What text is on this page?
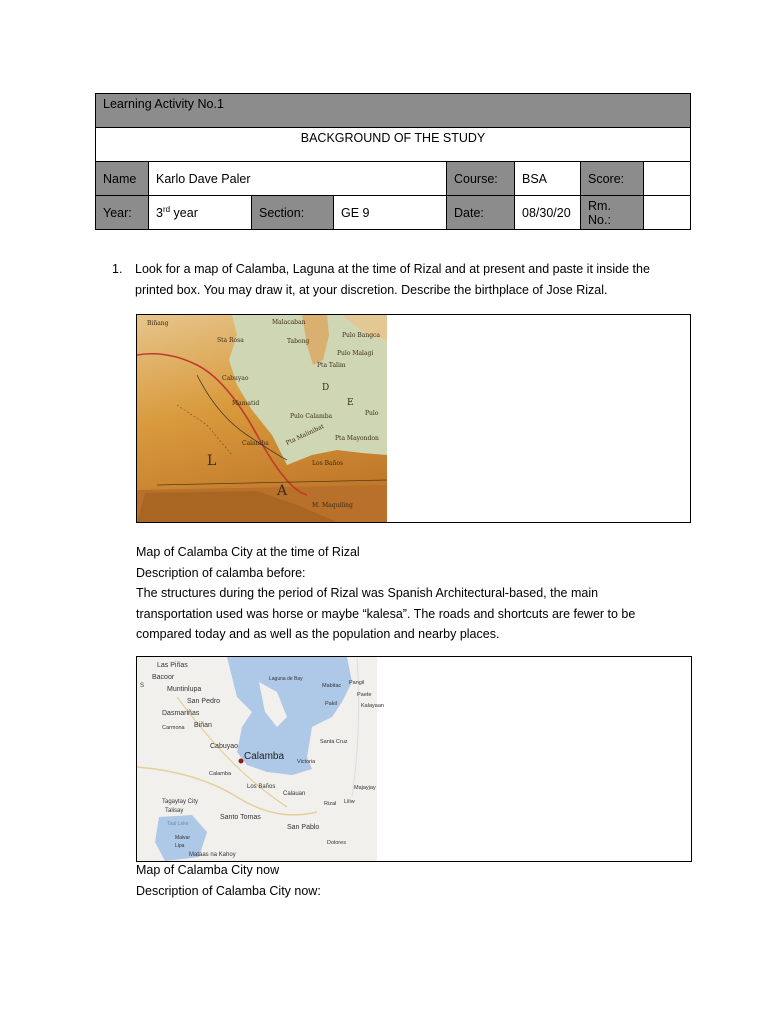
Learning Activity No.1							
BACKGROUND OF THE STUDY							
Name	Karlo Dave Paler			Course:	BSA	Score:	
Year:	3rd year	Section:	GE 9	Date:	08/30/20	Rm. No.:	
1. Look for a map of Calamba, Laguna at the time of Rizal and at present and paste it inside the printed box. You may draw it, at your discretion. Describe the birthplace of Jose Rizal.
Biñang	Malacaban
Sta Rosa	Tabong
Pulo Bangca
Pulo Malagi
Pta Talim
Cabuyao
Mamatid
D
E
Pulo Calamba	Pulo
Pta Mayondon
Calamba	Pta Malinibat
Los Baños
L
A
M. Maquiling

Map of Calamba City at the time of Rizal

Description of calamba before:

The structures during the period of Rizal was Spanish Architectural-based, the main transportation used was horse or maybe “kalesa”. The roads and shortcuts are fewer to be compared today and as well as the population and nearby places.

Las Piñas
Bacoor
Muntinlupa
San Pedro
Dasmariñas
Carmona Biñan
Laguna de Bay
Mabitac Pangil
Paete
Kalayaan
Pakil
Santa Cruz
Cabuyao
Calamba Victoria
Calamba
Los Baños
Calauan
Tagaytay City
Talisay
Taal Lake
Santo Tomas
Rizal Liliw
Majayjay
San Pablo
Dolores
Malvar
Lipa
Mataas na Kahoy
S

Map of Calamba City now

Description of Calamba City now:
